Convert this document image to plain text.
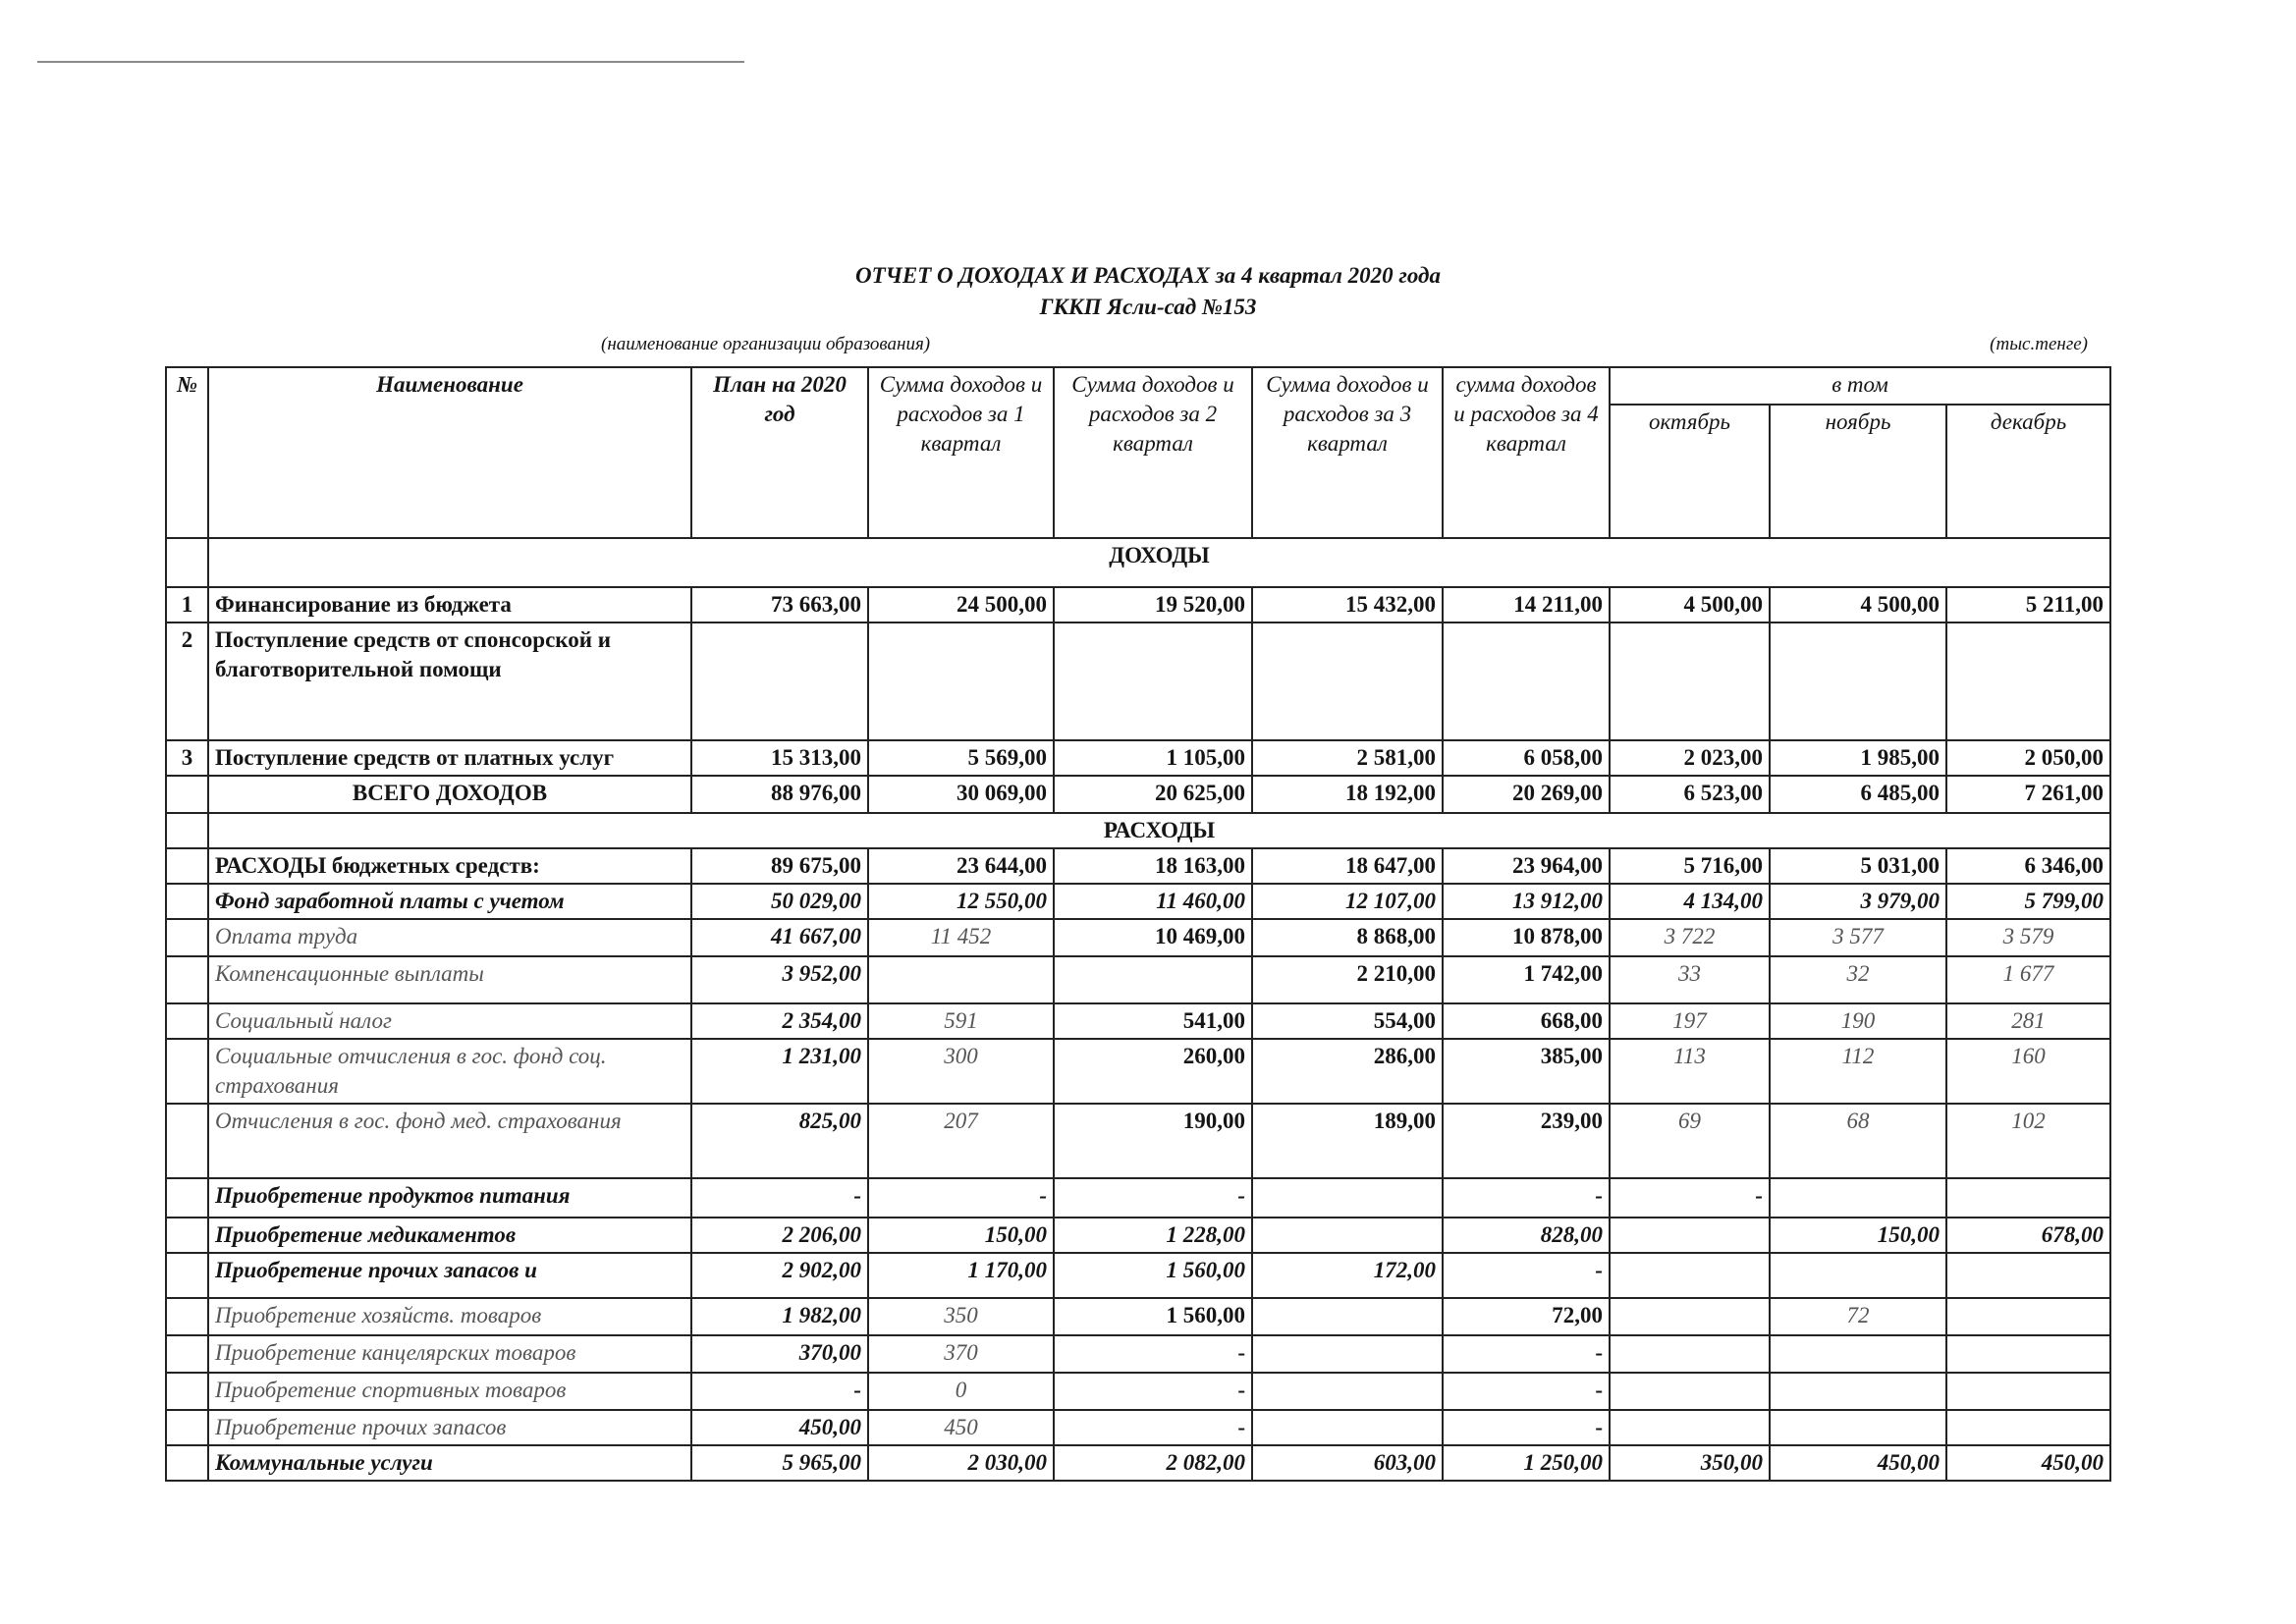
ОТЧЕТ О ДОХОДАХ И РАСХОДАХ за 4 квартал 2020 года
ГККП Ясли-сад №153
(наименование организации образования)	(тыс.тенге)
№	Наименование	План на 2020 год	Сумма доходов и расходов за 1 квартал	Сумма доходов и расходов за 2 квартал	Сумма доходов и расходов за 3 квартал	сумма доходов и расходов за 4 квартал	в том		
							октябрь	ноябрь	декабрь
	ДОХОДЫ								
1	Финансирование из бюджета	73 663,00	24 500,00	19 520,00	15 432,00	14 211,00	4 500,00	4 500,00	5 211,00
2	Поступление средств от спонсорской и благотворительной помощи								
3	Поступление средств от платных услуг	15 313,00	5 569,00	1 105,00	2 581,00	6 058,00	2 023,00	1 985,00	2 050,00
	ВСЕГО ДОХОДОВ	88 976,00	30 069,00	20 625,00	18 192,00	20 269,00	6 523,00	6 485,00	7 261,00
	РАСХОДЫ								
	РАСХОДЫ бюджетных средств:	89 675,00	23 644,00	18 163,00	18 647,00	23 964,00	5 716,00	5 031,00	6 346,00
	Фонд заработной платы с учетом	50 029,00	12 550,00	11 460,00	12 107,00	13 912,00	4 134,00	3 979,00	5 799,00
	Оплата труда	41 667,00	11 452	10 469,00	8 868,00	10 878,00	3 722	3 577	3 579
	Компенсационные выплаты	3 952,00			2 210,00	1 742,00	33	32	1 677
	Социальный налог	2 354,00	591	541,00	554,00	668,00	197	190	281
	Социальные отчисления в гос. фонд соц. страхования	1 231,00	300	260,00	286,00	385,00	113	112	160
	Отчисления в гос. фонд мед. страхования	825,00	207	190,00	189,00	239,00	69	68	102
	Приобретение продуктов питания	-	-	-		-	-		
	Приобретение медикаментов	2 206,00	150,00	1 228,00		828,00		150,00	678,00
	Приобретение прочих запасов и	2 902,00	1 170,00	1 560,00	172,00	-			
	Приобретение хозяйств. товаров	1 982,00	350	1 560,00		72,00		72	
	Приобретение канцелярских товаров	370,00	370	-		-			
	Приобретение спортивных товаров	-	0	-		-			
	Приобретение прочих запасов	450,00	450	-		-			
	Коммунальные услуги	5 965,00	2 030,00	2 082,00	603,00	1 250,00	350,00	450,00	450,00
